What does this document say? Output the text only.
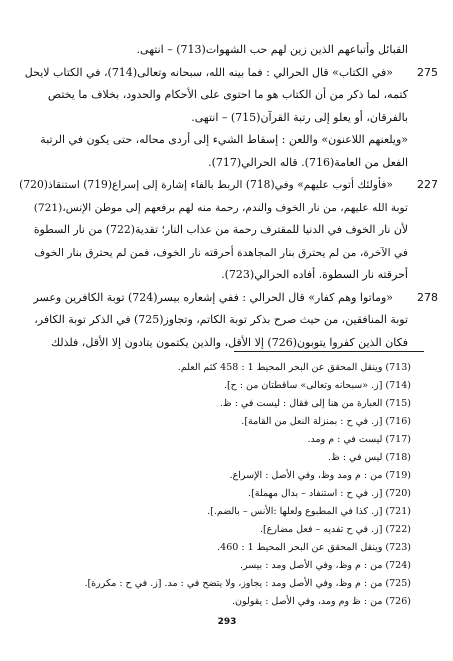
القبائل وأتباعهم الذين زين لهم حب الشهوات(713) – انتهى.
275
«في الكتاب» قال الحرالي : فما بينه الله، سبحانه وتعالى(714)، في الكتاب لايحل
كتمه، لما ذكر من أن الكتاب هو ما احتوى على الأحكام والحدود، بخلاف ما يختص
بالفرقان، أو يعلو إلى رتبة القرآن(715) – انتهى.
«ويلعنهم اللاعنون» واللعن : إسقاط الشيء إلى أردى محاله، حتى يكون في الرتبة
الفعل من العامة(716). قاله الحرالي(717).
227
«فأولئك أتوب عليهم» وفي(718) الربط بالفاء إشارة إلى إسراع(719) استنقاذ(720)
توبة الله عليهم، من نار الخوف والندم، رحمة منه لهم برفعهم إلى موطن الإنس،(721)
لأن نار الخوف في الدنيا للمقترف رحمة من عذاب النار؛ تقدية(722) من نار السطوة
في الآخرة، من لم يحترق بنار المجاهدة أحرقته نار الخوف، فمن لم يحترق بنار الخوف
أحرقته نار السطوة. أفاده الحرالي(723).
278
«وماتوا وهم كفار» قال الحرالي : ففي إشعاره بيسر(724) توبة الكافرين وعسر
توبة المنافقين، من حيث صرح بذكر توبة الكاتم، وتجاوز(725) في الذكر توبة الكافر،
فكان الذين كفروا يتوبون(726) إلا الأقل، والذين يكتمون يتادون إلا الأقل، فلذلك
(713) وينقل المحقق عن البحر المحيط 1 : 458 كثم العلم.
(714) [ز. «سبحانه وتعالى» ساقطتان من : ح].
(715) العبارة من هنا إلى فقال : ليست في : ظ.
(716) [ز. في ح : بمنزلة النعل من القامة].
(717) ليست في : م ومد.
(718) ليس في : ظ.
(719) من : م ومد وظ، وفي الأصل : الإسراع.
(720) [ز. في ح : استنفاد – بدال مهملة].
(721) [ز. كذا في المطبوع ولعلها :الأنس – بالضم.].
(722) [ز. في ح تفديه – فعل مضارع].
(723) وينقل المحقق عن البحر المحيط 1 : 460.
(724) من : م وظ، وفي الأصل ومد : بيسر.
(725) من : م وظ، وفي الأصل ومد : يجاوز، ولا يتضح في : مد. [ز. في ح : مكررة].
(726) من : ظ وم ومد، وفي الأصل : يقولون.
293
